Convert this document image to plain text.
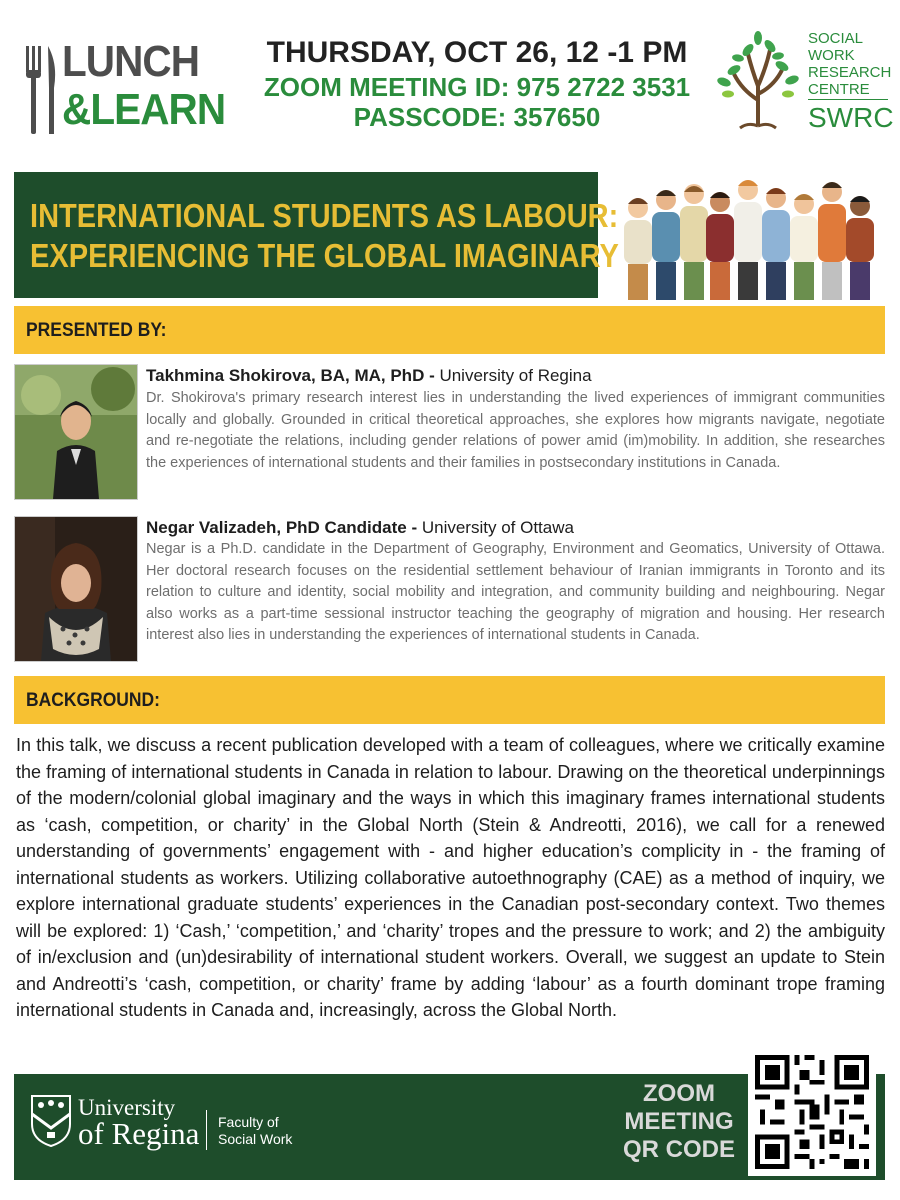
LUNCH
&LEARN
THURSDAY, OCT 26, 12 -1 PM
ZOOM MEETING ID: 975 2722 3531
PASSCODE: 357650
SOCIAL
WORK
RESEARCH
CENTRE
SWRC
INTERNATIONAL STUDENTS AS LABOUR:
EXPERIENCING THE GLOBAL IMAGINARY
PRESENTED BY:
Takhmina Shokirova, BA, MA, PhD - University of Regina
Dr. Shokirova's primary research interest lies in understanding the lived experiences of immigrant communities locally and globally. Grounded in critical theoretical approaches, she explores how migrants navigate, negotiate and re-negotiate the relations, including gender relations of power amid (im)mobility. In addition, she researches the experiences of international students and their families in postsecondary institutions in Canada.
Negar Valizadeh, PhD Candidate - University of Ottawa
Negar is a Ph.D. candidate in the Department of Geography, Environment and Geomatics, University of Ottawa. Her doctoral research focuses on the residential settlement behaviour of Iranian immigrants in Toronto and its relation to culture and identity, social mobility and integration, and community building and neighbouring. Negar also works as a part-time sessional instructor teaching the geography of migration and housing. Her research interest also lies in understanding the experiences of international students in Canada.
BACKGROUND:
In this talk, we discuss a recent publication developed with a team of colleagues, where we critically examine the framing of international students in Canada in relation to labour. Drawing on the theoretical underpinnings of the modern/colonial global imaginary and the ways in which this imaginary frames international students as ‘cash, competition, or charity’ in the Global North (Stein & Andreotti, 2016), we call for a renewed understanding of governments’ engagement with - and higher education’s complicity in - the framing of international students as workers. Utilizing collaborative autoethnography (CAE) as a method of inquiry, we explore international graduate students’ experiences in the Canadian post-secondary context. Two themes will be explored: 1) ‘Cash,’ ‘competition,’ and ‘charity’ tropes and the pressure to work; and 2) the ambiguity of in/exclusion and (un)desirability of international student workers. Overall, we suggest an update to Stein and Andreotti’s ‘cash, competition, or charity’ frame by adding ‘labour’ as a fourth dominant trope framing international students in Canada and, increasingly, across the Global North.
University
of Regina Faculty of
Social Work
ZOOM
MEETING
QR CODE
